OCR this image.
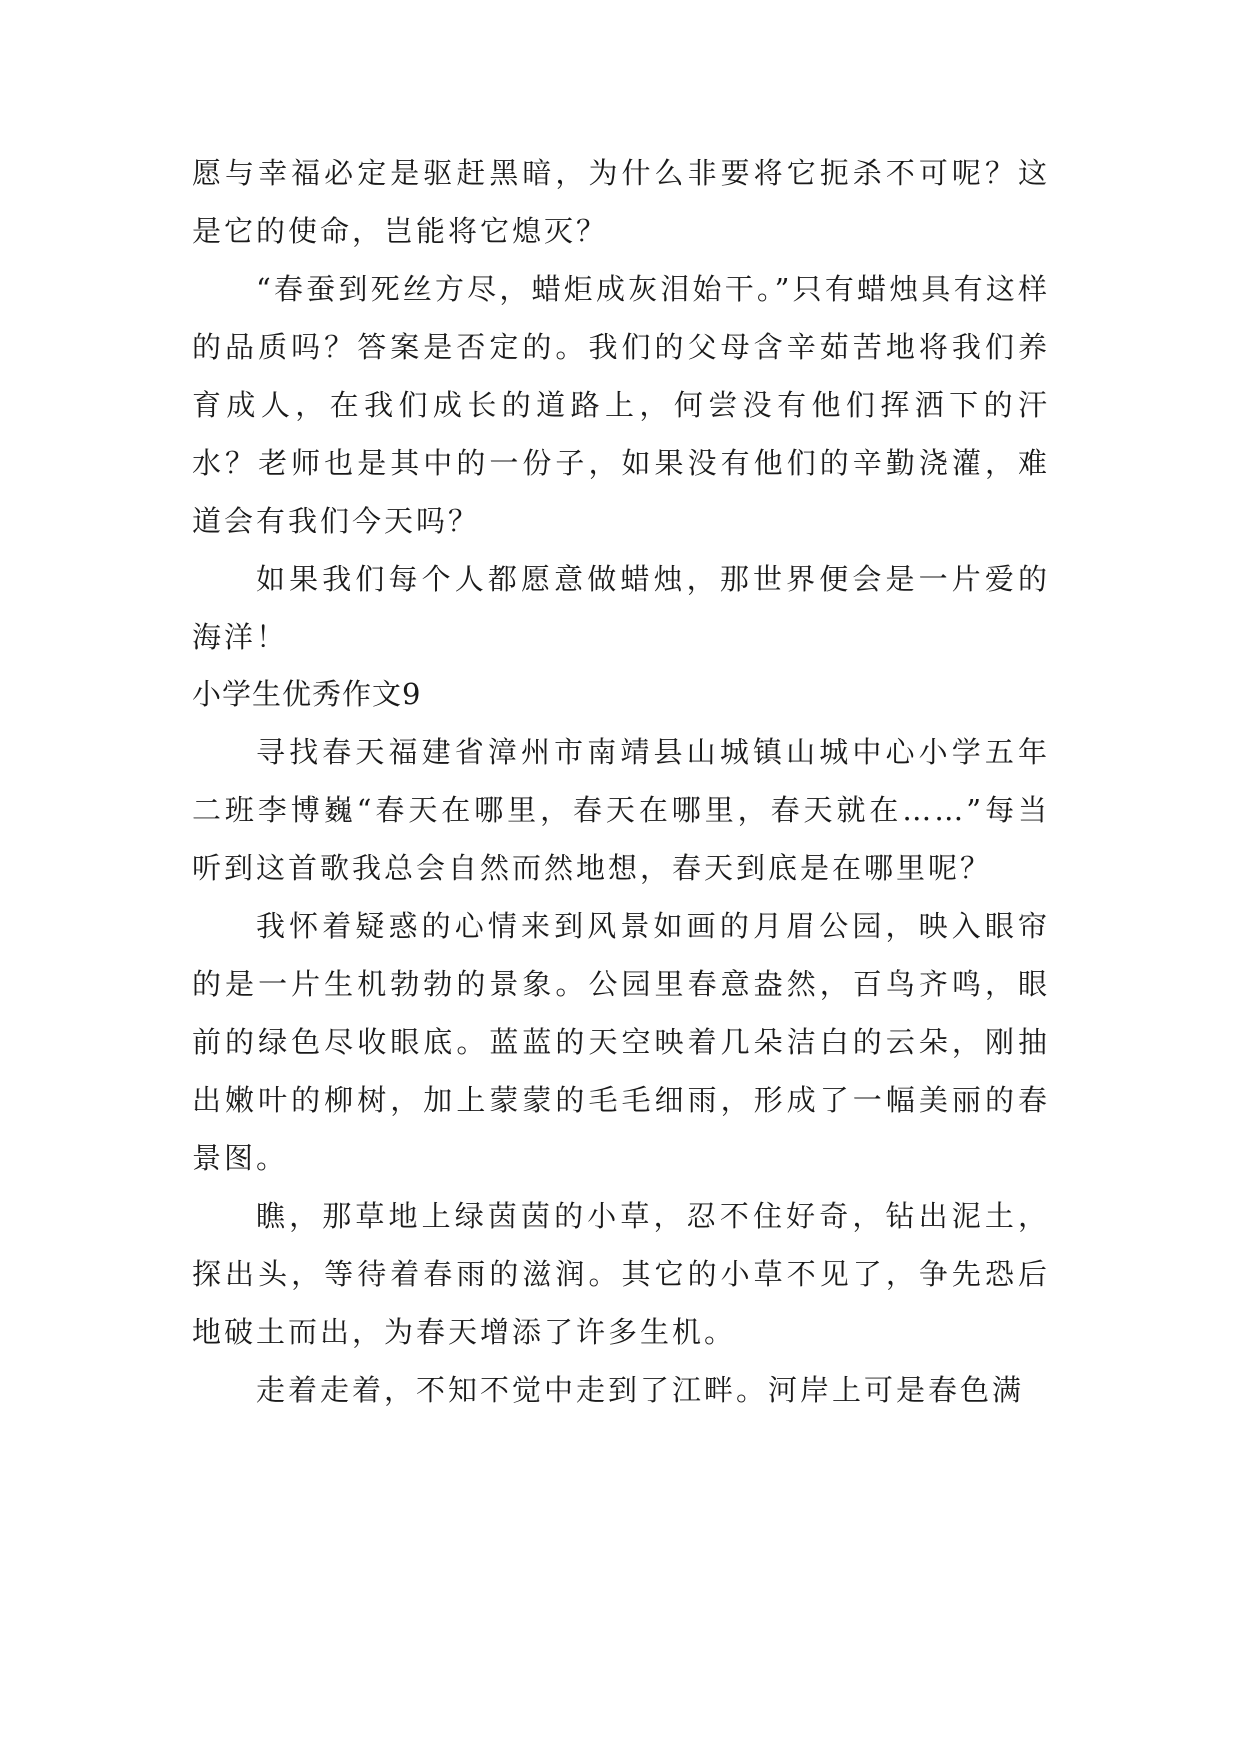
愿与幸福必定是驱赶黑暗，为什么非要将它扼杀不可呢？这是它的使命，岂能将它熄灭？

“春蚕到死丝方尽，蜡炬成灰泪始干。”只有蜡烛具有这样的品质吗？答案是否定的。我们的父母含辛茹苦地将我们养育成人，在我们成长的道路上，何尝没有他们挥洒下的汗水？老师也是其中的一份子，如果没有他们的辛勤浇灌，难道会有我们今天吗？

如果我们每个人都愿意做蜡烛，那世界便会是一片爱的海洋！

小学生优秀作文9

寻找春天福建省漳州市南靖县山城镇山城中心小学五年二班李博巍“春天在哪里，春天在哪里，春天就在……”每当听到这首歌我总会自然而然地想，春天到底是在哪里呢？

我怀着疑惑的心情来到风景如画的月眉公园，映入眼帘的是一片生机勃勃的景象。公园里春意盎然，百鸟齐鸣，眼前的绿色尽收眼底。蓝蓝的天空映着几朵洁白的云朵，刚抽出嫩叶的柳树，加上蒙蒙的毛毛细雨，形成了一幅美丽的春景图。

瞧，那草地上绿茵茵的小草，忍不住好奇，钻出泥土，探出头，等待着春雨的滋润。其它的小草不见了，争先恐后地破土而出，为春天增添了许多生机。

走着走着，不知不觉中走到了江畔。河岸上可是春色满
